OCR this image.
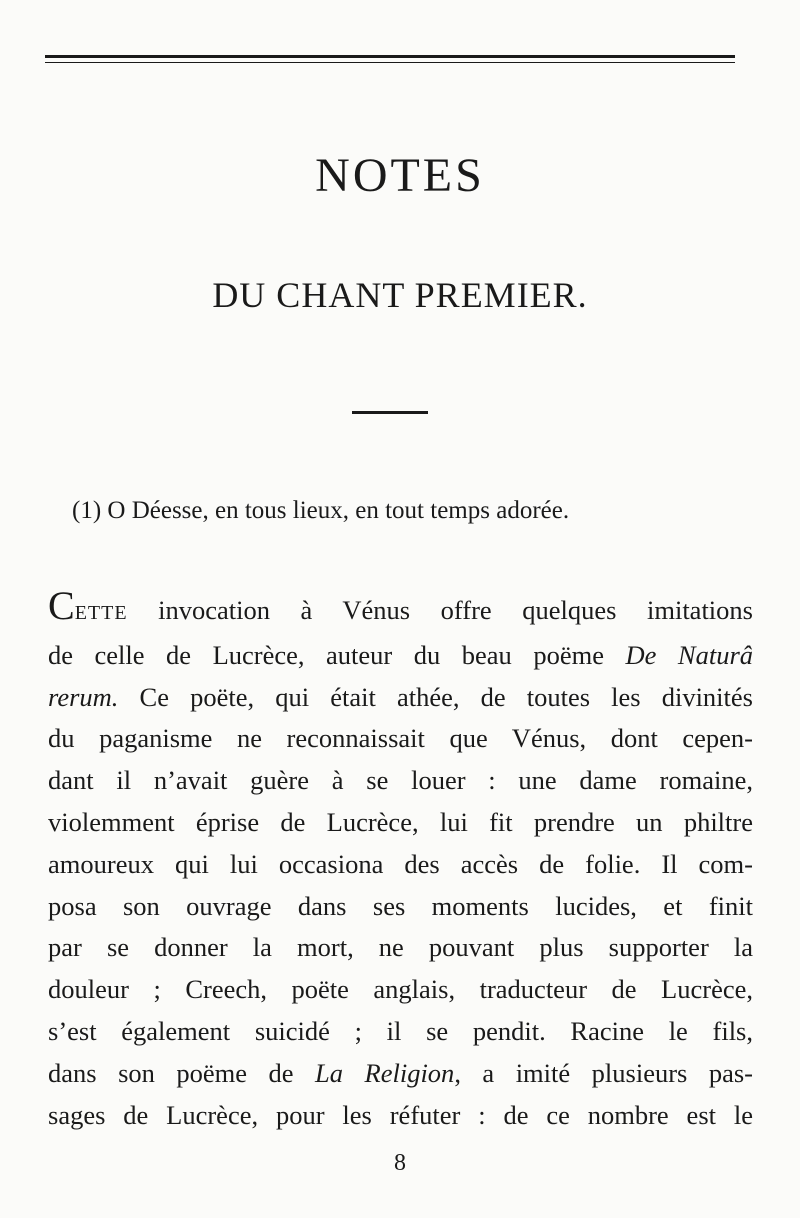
NOTES
DU CHANT PREMIER.
(1) O Déesse, en tous lieux, en tout temps adorée.
CETTE invocation à Vénus offre quelques imitations
de celle de Lucrèce, auteur du beau poëme De Naturâ
rerum. Ce poëte, qui était athée, de toutes les divinités
du paganisme ne reconnaissait que Vénus, dont cepen-
dant il n’avait guère à se louer : une dame romaine,
violemment éprise de Lucrèce, lui fit prendre un philtre
amoureux qui lui occasiona des accès de folie. Il com-
posa son ouvrage dans ses moments lucides, et finit
par se donner la mort, ne pouvant plus supporter la
douleur ; Creech, poëte anglais, traducteur de Lucrèce,
s’est également suicidé ; il se pendit. Racine le fils,
dans son poëme de La Religion, a imité plusieurs pas-
sages de Lucrèce, pour les réfuter : de ce nombre est le
8
